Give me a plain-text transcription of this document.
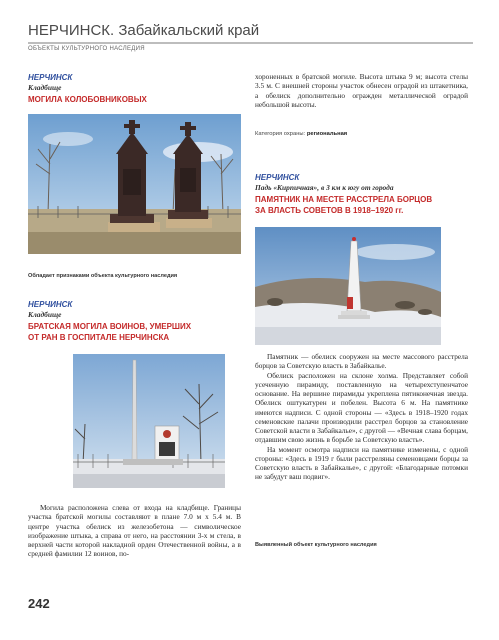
НЕРЧИНСК. Забайкальский край
ОБЪЕКТЫ КУЛЬТУРНОГО НАСЛЕДИЯ
НЕРЧИНСК
Кладбище
МОГИЛА КОЛОБОВНИКОВЫХ
Обладает признаками объекта культурного наследия
НЕРЧИНСК
Кладбище
БРАТСКАЯ МОГИЛА ВОИНОВ, УМЕРШИХ
ОТ РАН В ГОСПИТАЛЕ НЕРЧИНСКА

Могила расположена слева от входа на кладбище. Границы участка братской могилы составляют в плане 7.0 м х 5.4 м. В центре участка обелиск из железобетона — символическое изображение штыка, а справа от него, на расстоянии 3-х м стела, в верхней части которой накладной орден Отечественной войны, а в средней фамилии 12 воинов, по-

хороненных в братской могиле. Высота штыка 9 м; высота стелы 3.5 м. С внешней стороны участок обнесен оградой из штакетника, а обелиск дополнительно огражден металлической оградой небольшой высоты.

Категория охраны: региональная
НЕРЧИНСК
Падь «Кирпичная», в 3 км к югу от города
ПАМЯТНИК НА МЕСТЕ РАССТРЕЛА БОРЦОВ
ЗА ВЛАСТЬ СОВЕТОВ В 1918–1920 гг.

Памятник — обелиск сооружен на месте массового расстрела борцов за Советскую власть в Забайкалье.

Обелиск расположен на склоне холма. Представляет собой усеченную пирамиду, поставленную на четырехступенчатое основание. На вершине пирамиды укреплена пятиконечная звезда. Обелиск оштукатурен и побелен. Высота 6 м. На памятнике имеются надписи. С одной стороны — «Здесь в 1918–1920 годах семеновские палачи производили расстрел борцов за становление Советской власти в Забайкалье», с другой — «Вечная слава борцам, отдавшим свою жизнь в борьбе за Советскую власть».

На момент осмотра надписи на памятнике изменены, с одной стороны: «Здесь в 1919 г были расстреляны семеновцами борцы за Советскую власть в Забайкалье», с другой: «Благодарные потомки не забудут ваш подвиг».

Выявленный объект культурного наследия
242
